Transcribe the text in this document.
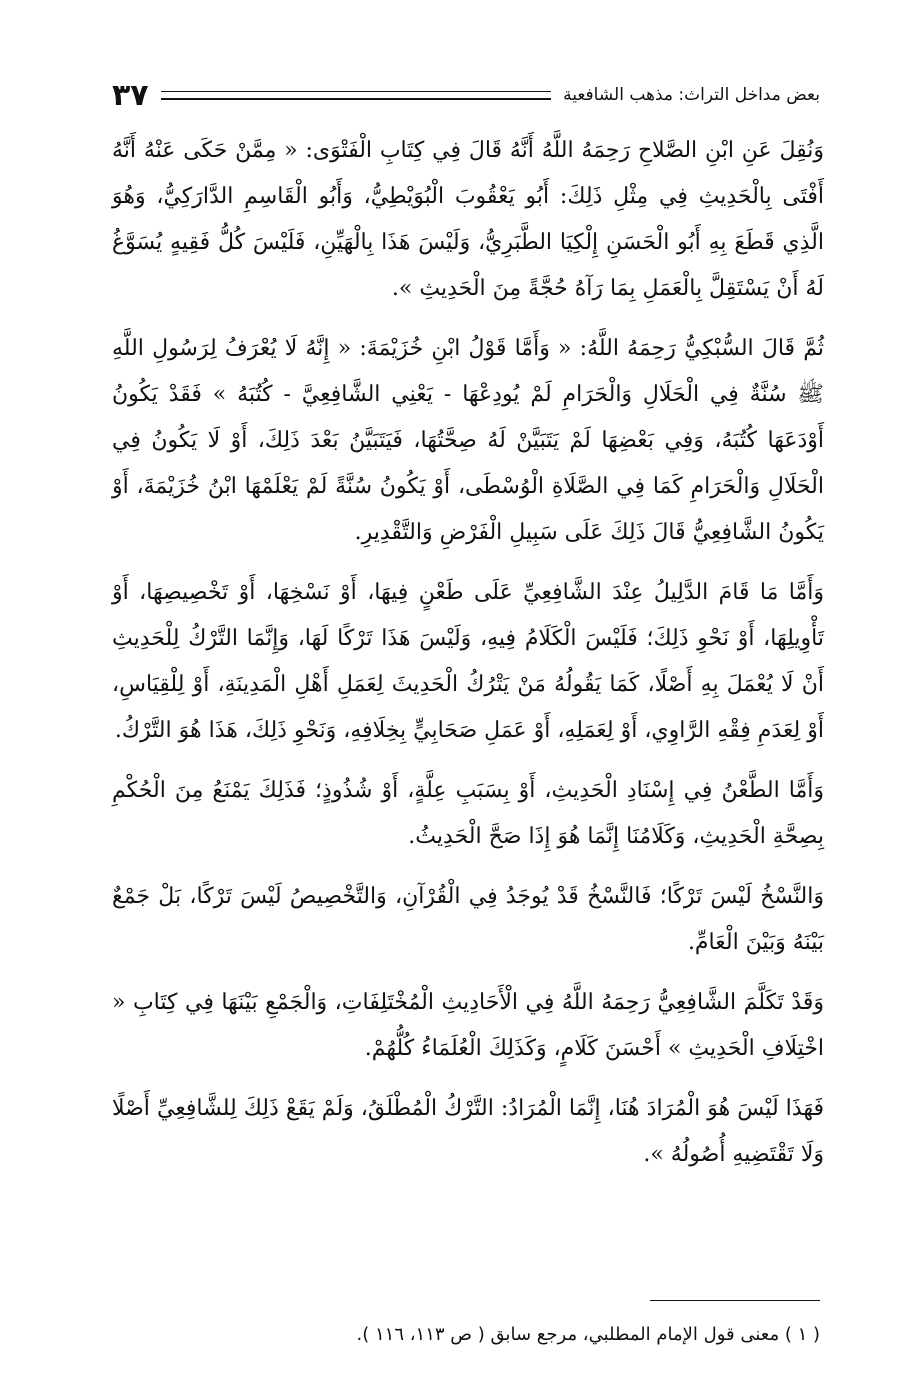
بعض مداخل التراث: مذهب الشافعية
٣٧

وَنُقِلَ عَنِ ابْنِ الصَّلاحِ رَحِمَهُ اللَّهُ أَنَّهُ قَالَ فِي كِتَابِ الْفَتْوَى: « مِمَّنْ حَكَى عَنْهُ أَنَّهُ أَفْتَى بِالْحَدِيثِ فِي مِثْلِ ذَلِكَ: أَبُو يَعْقُوبَ الْبُوَيْطِيُّ، وَأَبُو الْقَاسِمِ الدَّارَكِيُّ، وَهُوَ الَّذِي قَطَعَ بِهِ أَبُو الْحَسَنِ إِلْكِيَا الطَّبَرِيُّ، وَلَيْسَ هَذَا بِالْهَيِّنِ، فَلَيْسَ كُلُّ فَقِيهٍ يُسَوَّغُ لَهُ أَنْ يَسْتَقِلَّ بِالْعَمَلِ بِمَا رَآهُ حُجَّةً مِنَ الْحَدِيثِ ».

ثُمَّ قَالَ السُّبْكِيُّ رَحِمَهُ اللَّهُ: « وَأَمَّا قَوْلُ ابْنِ خُزَيْمَةَ: « إِنَّهُ لَا يُعْرَفُ لِرَسُولِ اللَّهِ ﷺ سُنَّةٌ فِي الْحَلَالِ وَالْحَرَامِ لَمْ يُودِعْهَا - يَعْنِي الشَّافِعِيَّ - كُتُبَهُ » فَقَدْ يَكُونُ أَوْدَعَهَا كُتُبَهُ، وَفِي بَعْضِهَا لَمْ يَتَبَيَّنْ لَهُ صِحَّتُهَا، فَيَتَبَيَّنُ بَعْدَ ذَلِكَ، أَوْ لَا يَكُونُ فِي الْحَلَالِ وَالْحَرَامِ كَمَا فِي الصَّلَاةِ الْوُسْطَى، أَوْ يَكُونُ سُنَّةً لَمْ يَعْلَمْهَا ابْنُ خُزَيْمَةَ، أَوْ يَكُونُ الشَّافِعِيُّ قَالَ ذَلِكَ عَلَى سَبِيلِ الْفَرْضِ وَالتَّقْدِيرِ.

وَأَمَّا مَا قَامَ الدَّلِيلُ عِنْدَ الشَّافِعِيِّ عَلَى طَعْنٍ فِيهَا، أَوْ نَسْخِهَا، أَوْ تَخْصِيصِهَا، أَوْ تَأْوِيلِهَا، أَوْ نَحْوِ ذَلِكَ؛ فَلَيْسَ الْكَلَامُ فِيهِ، وَلَيْسَ هَذَا تَرْكًا لَهَا، وَإِنَّمَا التَّرْكُ لِلْحَدِيثِ أَنْ لَا يُعْمَلَ بِهِ أَصْلًا، كَمَا يَقُولُهُ مَنْ يَتْرُكُ الْحَدِيثَ لِعَمَلِ أَهْلِ الْمَدِينَةِ، أَوْ لِلْقِيَاسِ، أَوْ لِعَدَمِ فِقْهِ الرَّاوِي، أَوْ لِعَمَلِهِ، أَوْ عَمَلِ صَحَابِيٍّ بِخِلَافِهِ، وَنَحْوِ ذَلِكَ، هَذَا هُوَ التَّرْكُ.

وَأَمَّا الطَّعْنُ فِي إِسْنَادِ الْحَدِيثِ، أَوْ بِسَبَبِ عِلَّةٍ، أَوْ شُذُوذٍ؛ فَذَلِكَ يَمْنَعُ مِنَ الْحُكْمِ بِصِحَّةِ الْحَدِيثِ، وَكَلَامُنَا إِنَّمَا هُوَ إِذَا صَحَّ الْحَدِيثُ.

وَالنَّسْخُ لَيْسَ تَرْكًا؛ فَالنَّسْخُ قَدْ يُوجَدُ فِي الْقُرْآنِ، وَالتَّخْصِيصُ لَيْسَ تَرْكًا، بَلْ جَمْعٌ بَيْنَهُ وَبَيْنَ الْعَامِّ.

وَقَدْ تَكَلَّمَ الشَّافِعِيُّ رَحِمَهُ اللَّهُ فِي الْأَحَادِيثِ الْمُخْتَلِفَاتِ، وَالْجَمْعِ بَيْنَهَا فِي كِتَابِ « اخْتِلَافِ الْحَدِيثِ » أَحْسَنَ كَلَامٍ، وَكَذَلِكَ الْعُلَمَاءُ كُلُّهُمْ.

فَهَذَا لَيْسَ هُوَ الْمُرَادَ هُنَا، إِنَّمَا الْمُرَادُ: التَّرْكُ الْمُطْلَقُ، وَلَمْ يَقَعْ ذَلِكَ لِلشَّافِعِيِّ أَصْلًا وَلَا تَقْتَضِيهِ أُصُولُهُ ».

( ١ ) معنى قول الإمام المطلبي، مرجع سابق ( ص ١١٣، ١١٦ ).
